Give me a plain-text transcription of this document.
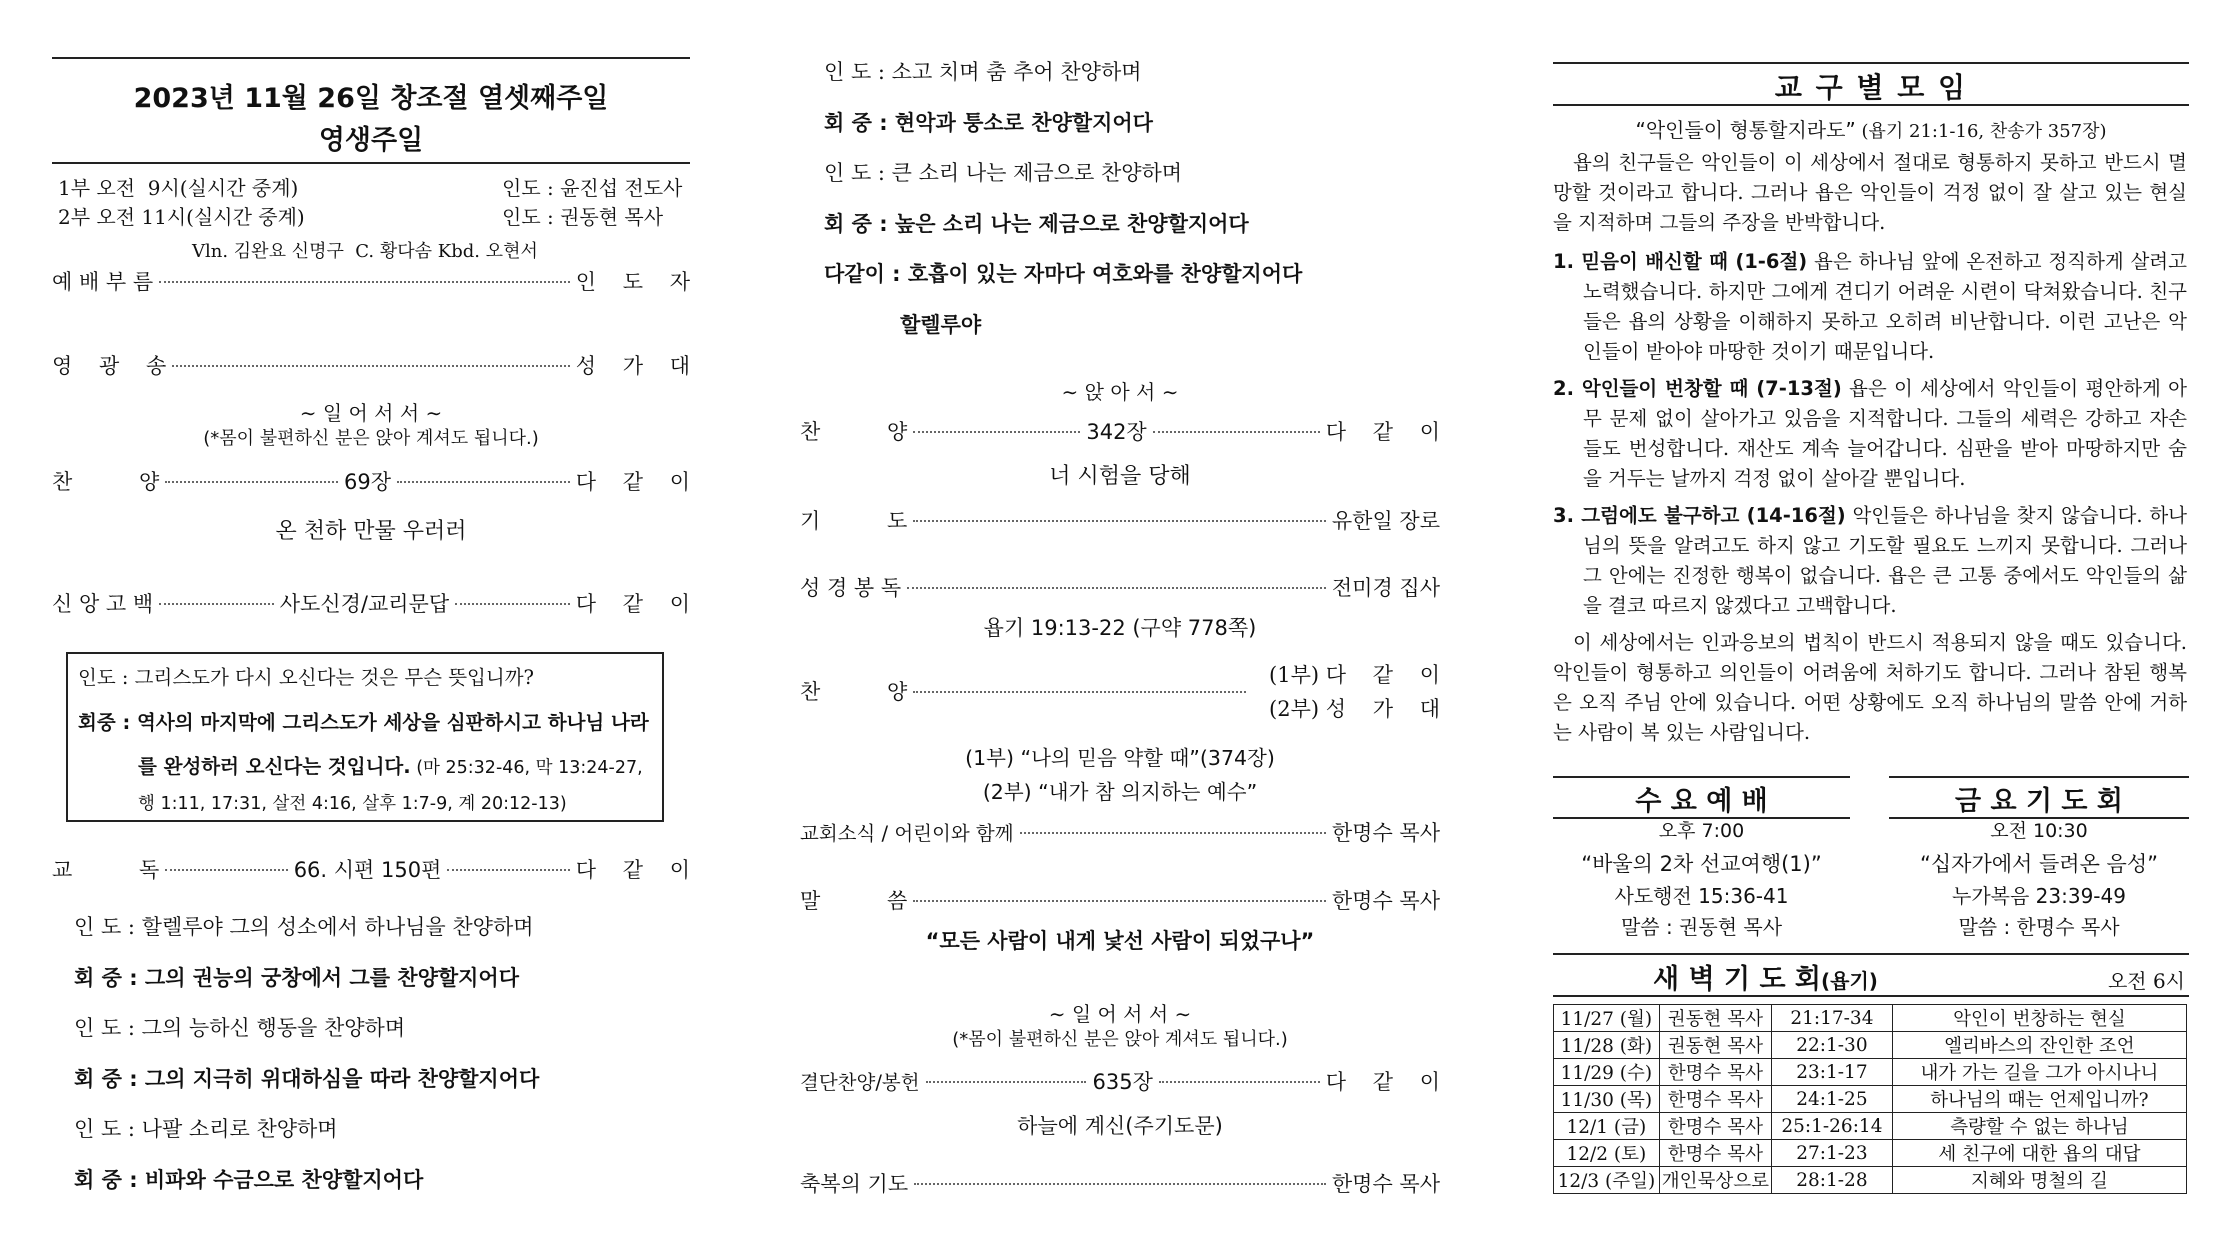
2023년 11월 26일 창조절 열셋째주일
영생주일
1부 오전  9시(실시간 중계)	인도 : 윤진섭 전도사
2부 오전 11시(실시간 중계)	인도 : 권동현 목사
Vln. 김완요 신명구  C. 황다솜 Kbd. 오현서
예 배 부 름	인    도    자
영    광    송	성    가    대
∼ 일 어 서 서 ∼
(*몸이 불편하신 분은 앉아 계셔도 됩니다.)
찬          양	69장	다    같    이
온 천하 만물 우러러
신 앙 고 백	사도신경/교리문답	다    같    이
인도 : 그리스도가 다시 오신다는 것은 무슨 뜻입니까?
회중 : 역사의 마지막에 그리스도가 세상을 심판하시고 하나님 나라
를 완성하러 오신다는 것입니다. (마 25:32-46, 막 13:24-27,
행 1:11, 17:31, 살전 4:16, 살후 1:7-9, 계 20:12-13)
교          독	66. 시편 150편	다    같    이
인 도 : 할렐루야 그의 성소에서 하나님을 찬양하며
회 중 : 그의 권능의 궁창에서 그를 찬양할지어다
인 도 : 그의 능하신 행동을 찬양하며
회 중 : 그의 지극히 위대하심을 따라 찬양할지어다
인 도 : 나팔 소리로 찬양하며
회 중 : 비파와 수금으로 찬양할지어다
인 도 : 소고 치며 춤 추어 찬양하며
회 중 : 현악과 퉁소로 찬양할지어다
인 도 : 큰 소리 나는 제금으로 찬양하며
회 중 : 높은 소리 나는 제금으로 찬양할지어다
다같이 : 호흡이 있는 자마다 여호와를 찬양할지어다
할렐루야
∼ 앉 아 서 ∼
찬          양	342장	다    같    이
너 시험을 당해
기          도	유한일 장로
성 경 봉 독	전미경 집사
욥기 19:13-22 (구약 778쪽)
찬          양
(1부) 다    같    이
(2부) 성    가    대
(1부) “나의 믿음 약할 때”(374장)
(2부) “내가 참 의지하는 예수”
교회소식 / 어린이와 함께	한명수 목사
말          씀	한명수 목사
“모든 사람이 내게 낯선 사람이 되었구나”
∼ 일 어 서 서 ∼
(*몸이 불편하신 분은 앉아 계셔도 됩니다.)
결단찬양/봉헌	635장	다    같    이
하늘에 계신(주기도문)
축복의 기도	한명수 목사
교 구 별 모 임
“악인들이 형통할지라도” (욥기 21:1-16, 찬송가 357장)
욥의 친구들은 악인들이 이 세상에서 절대로 형통하지 못하고 반드시 멸망할 것이라고 합니다. 그러나 욥은 악인들이 걱정 없이 잘 살고 있는 현실을 지적하며 그들의 주장을 반박합니다.
1. 믿음이 배신할 때 (1-6절) 욥은 하나님 앞에 온전하고 정직하게 살려고 노력했습니다. 하지만 그에게 견디기 어려운 시련이 닥쳐왔습니다. 친구들은 욥의 상황을 이해하지 못하고 오히려 비난합니다. 이런 고난은 악인들이 받아야 마땅한 것이기 때문입니다.
2. 악인들이 번창할 때 (7-13절) 욥은 이 세상에서 악인들이 평안하게 아무 문제 없이 살아가고 있음을 지적합니다. 그들의 세력은 강하고 자손들도 번성합니다. 재산도 계속 늘어갑니다. 심판을 받아 마땅하지만 숨을 거두는 날까지 걱정 없이 살아갈 뿐입니다.
3. 그럼에도 불구하고 (14-16절) 악인들은 하나님을 찾지 않습니다. 하나님의 뜻을 알려고도 하지 않고 기도할 필요도 느끼지 못합니다. 그러나 그 안에는 진정한 행복이 없습니다. 욥은 큰 고통 중에서도 악인들의 삶을 결코 따르지 않겠다고 고백합니다.
이 세상에서는 인과응보의 법칙이 반드시 적용되지 않을 때도 있습니다. 악인들이 형통하고 의인들이 어려움에 처하기도 합니다. 그러나 참된 행복은 오직 주님 안에 있습니다. 어떤 상황에도 오직 하나님의 말씀 안에 거하는 사람이 복 있는 사람입니다.
수 요 예 배
오후 7:00
“바울의 2차 선교여행(1)”
사도행전 15:36-41
말씀 : 권동현 목사
금 요 기 도 회
오전 10:30
“십자가에서 들려온 음성”
누가복음 23:39-49
말씀 : 한명수 목사
새 벽 기 도 회(욥기)	오전 6시
11/27 (월)	권동현 목사	21:17-34	악인이 번창하는 현실
11/28 (화)	권동현 목사	22:1-30	엘리바스의 잔인한 조언
11/29 (수)	한명수 목사	23:1-17	내가 가는 길을 그가 아시나니
11/30 (목)	한명수 목사	24:1-25	하나님의 때는 언제입니까?
12/1 (금)	한명수 목사	25:1-26:14	측량할 수 없는 하나님
12/2 (토)	한명수 목사	27:1-23	세 친구에 대한 욥의 대답
12/3 (주일)	개인묵상으로	28:1-28	지혜와 명철의 길
